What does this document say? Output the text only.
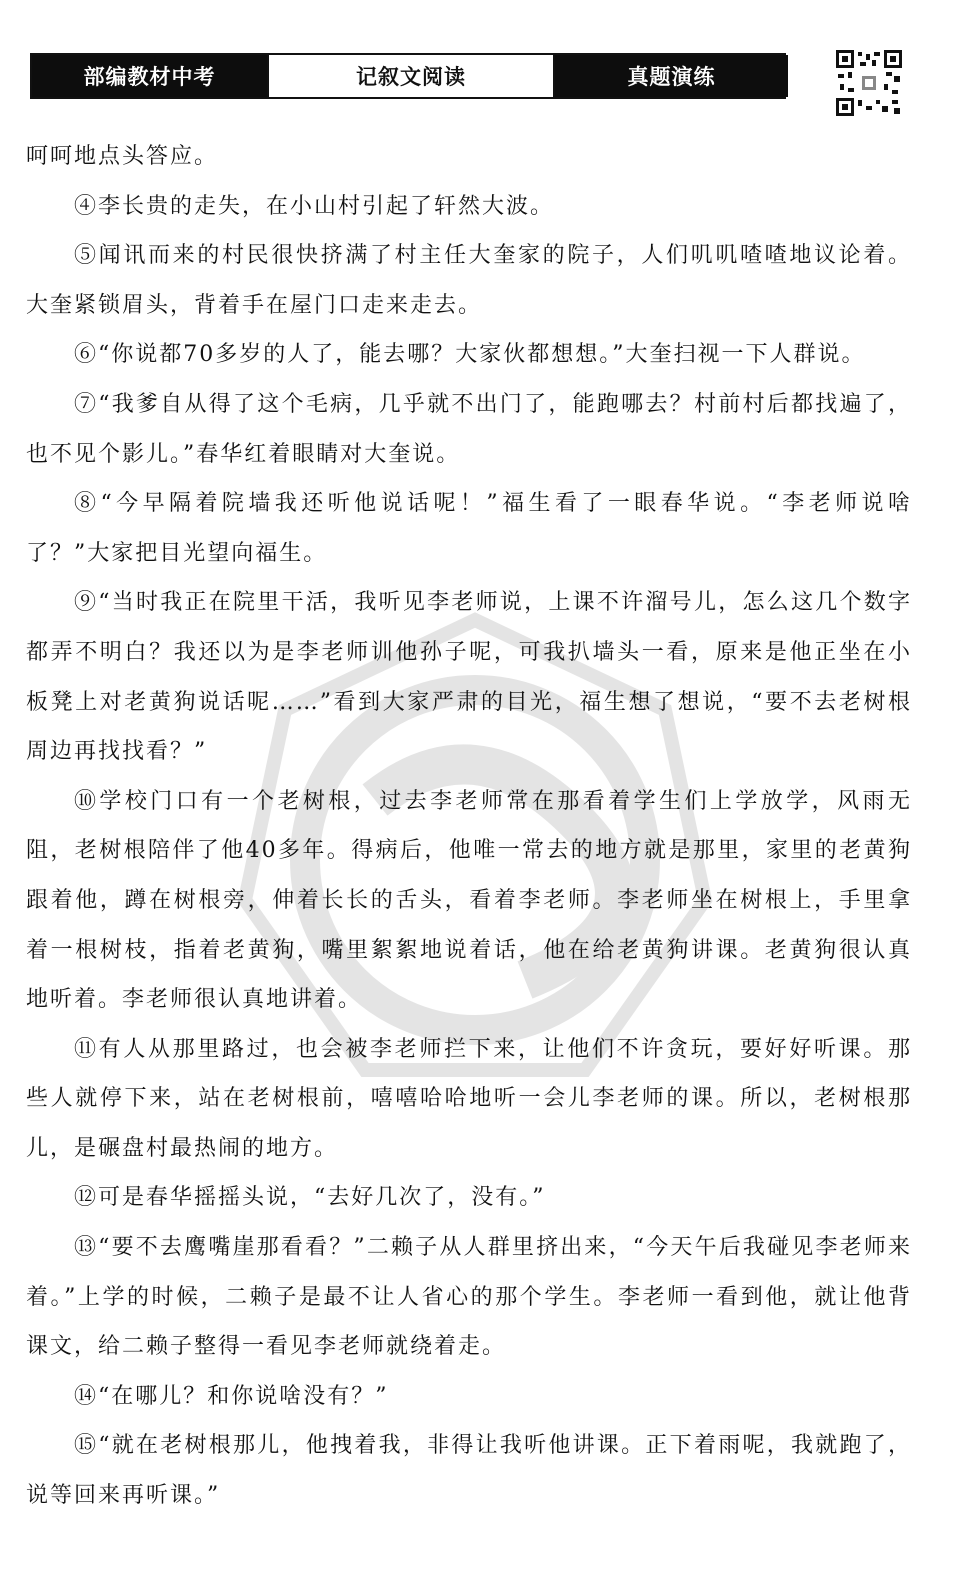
部编教材中考	记叙文阅读	真题演练

呵呵地点头答应。

④李长贵的走失，在小山村引起了轩然大波。

⑤闻讯而来的村民很快挤满了村主任大奎家的院子，人们叽叽喳喳地议论着。大奎紧锁眉头，背着手在屋门口走来走去。

⑥“你说都70多岁的人了，能去哪？大家伙都想想。”大奎扫视一下人群说。

⑦“我爹自从得了这个毛病，几乎就不出门了，能跑哪去？村前村后都找遍了，也不见个影儿。”春华红着眼睛对大奎说。

⑧“今早隔着院墙我还听他说话呢！”福生看了一眼春华说。“李老师说啥了？”大家把目光望向福生。

⑨“当时我正在院里干活，我听见李老师说，上课不许溜号儿，怎么这几个数字都弄不明白？我还以为是李老师训他孙子呢，可我扒墙头一看，原来是他正坐在小板凳上对老黄狗说话呢……”看到大家严肃的目光，福生想了想说，“要不去老树根周边再找找看？”

⑩学校门口有一个老树根，过去李老师常在那看着学生们上学放学，风雨无阻，老树根陪伴了他40多年。得病后，他唯一常去的地方就是那里，家里的老黄狗跟着他，蹲在树根旁，伸着长长的舌头，看着李老师。李老师坐在树根上，手里拿着一根树枝，指着老黄狗，嘴里絮絮地说着话，他在给老黄狗讲课。老黄狗很认真地听着。李老师很认真地讲着。

⑪有人从那里路过，也会被李老师拦下来，让他们不许贪玩，要好好听课。那些人就停下来，站在老树根前，嘻嘻哈哈地听一会儿李老师的课。所以，老树根那儿，是碾盘村最热闹的地方。

⑫可是春华摇摇头说，“去好几次了，没有。”

⑬“要不去鹰嘴崖那看看？”二赖子从人群里挤出来，“今天午后我碰见李老师来着。”上学的时候，二赖子是最不让人省心的那个学生。李老师一看到他，就让他背课文，给二赖子整得一看见李老师就绕着走。

⑭“在哪儿？和你说啥没有？”

⑮“就在老树根那儿，他拽着我，非得让我听他讲课。正下着雨呢，我就跑了，说等回来再听课。”
